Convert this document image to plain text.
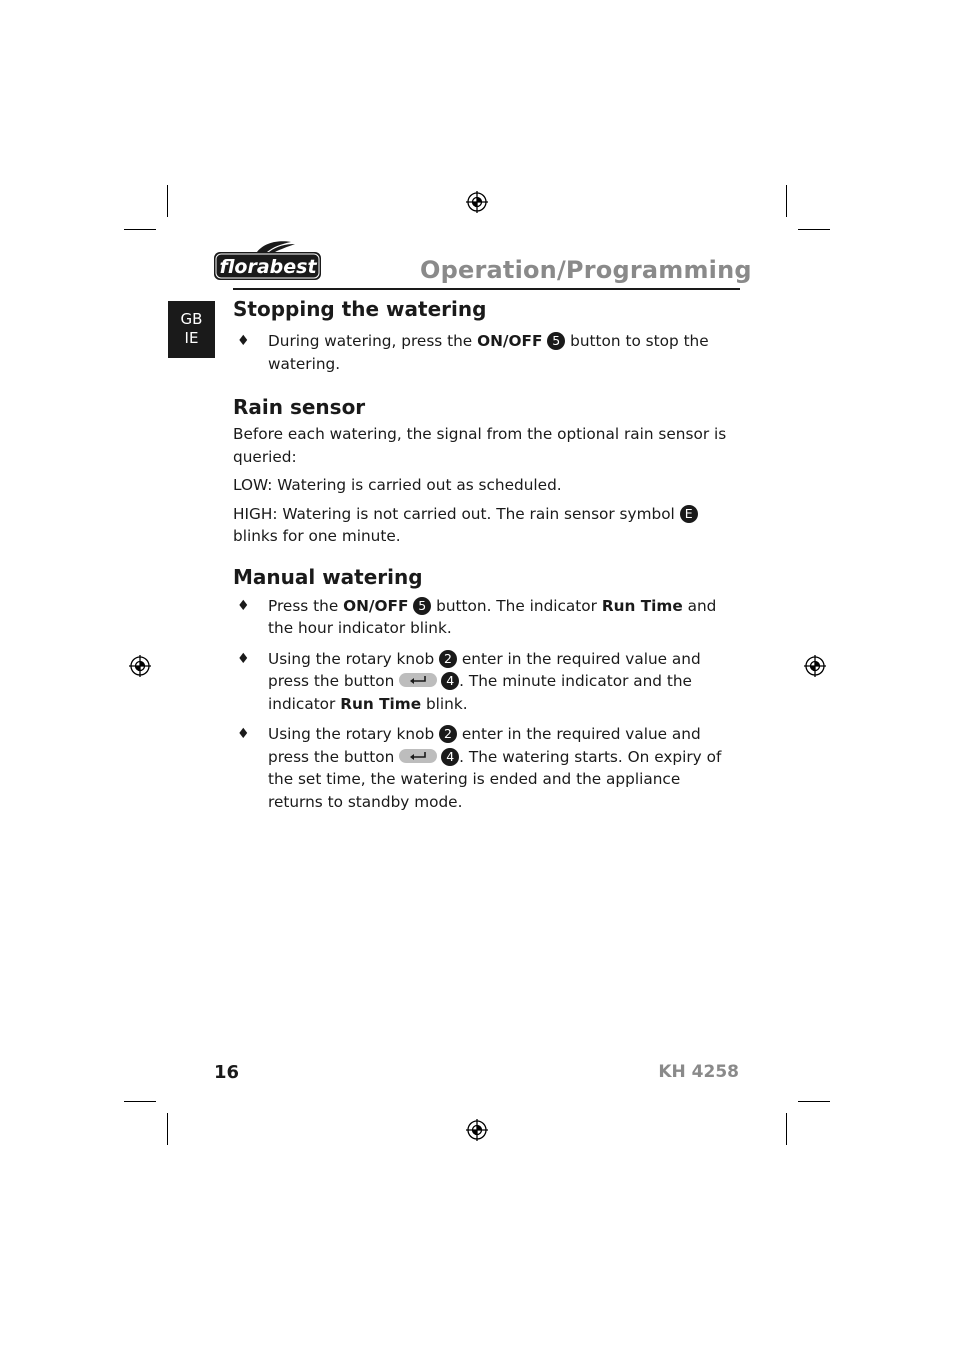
florabest	Operation/Programming
GB
IE
Stopping the watering
♦ During watering, press the ON/OFF 5 button to stop the watering.
Rain sensor

Before each watering, the signal from the optional rain sensor is queried:

LOW: Watering is carried out as scheduled.

HIGH: Watering is not carried out. The rain sensor symbol E blinks for one minute.

Manual watering
♦ Press the ON/OFF 5 button. The indicator Run Time and the hour indicator blink.
♦ Using the rotary knob 2 enter in the required value and press the button	4 . The minute indicator and the indicator Run Time blink.
♦ Using the rotary knob 2 enter in the required value and press the button	4 . The watering starts. On expiry of the set time, the watering is ended and the appliance returns to standby mode.
16	KH 4258
